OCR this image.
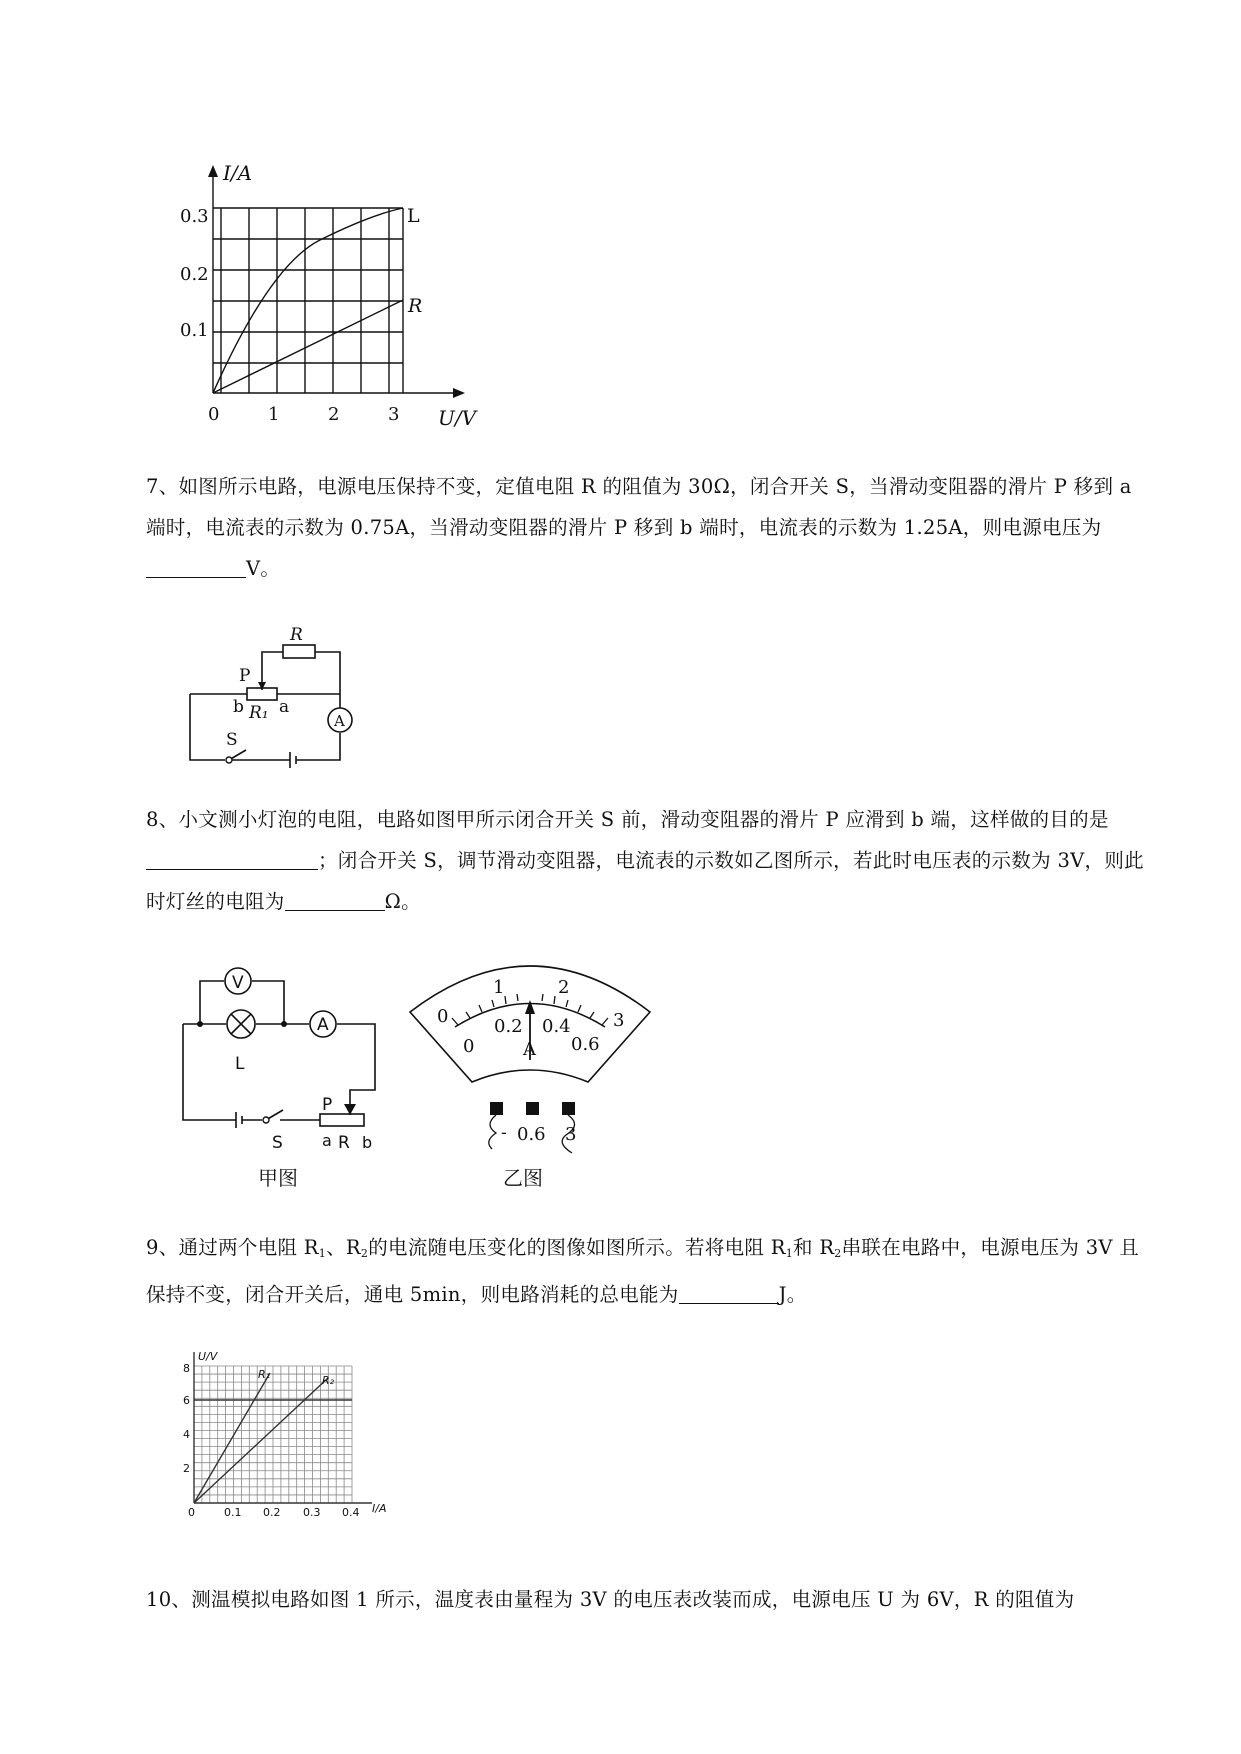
I/A
U/V
0.3
0.2
0.1
0	1	2	3
L
R
7、如图所示电路，电源电压保持不变，定值电阻 R 的阻值为 30Ω，闭合开关 S，当滑动变阻器的滑片 P 移到 a 端时，电流表的示数为 0.75A，当滑动变阻器的滑片 P 移到 b 端时，电流表的示数为 1.25A，则电源电压为V。
R
P
b R₁ a
A
S
8、小文测小灯泡的电阻，电路如图甲所示闭合开关 S 前，滑动变阻器的滑片 P 应滑到 b 端，这样做的目的是；闭合开关 S，调节滑动变阻器，电流表的示数如乙图所示，若此时电压表的示数为 3V，则此时灯丝的电阻为	Ω。
V
A
L
P
S a R b
甲图
0
1	2
3
0
0.2 0.4
0.6
A
- 0.6 3
乙图
9、通过两个电阻 $R_1$、$R_2$的电流随电压变化的图像如图所示。若将电阻 $R_1$和 $R_2$串联在电路中，电源电压为 3V 且保持不变，闭合开关后，通电 5min，则电路消耗的总电能为	J。
U/V
I/A
8
6
4
2
0	0.1 0.2 0.3 0.4
R₁	R₂
10、测温模拟电路如图 1 所示，温度表由量程为 3V 的电压表改装而成，电源电压 U 为 6V，R 的阻值为
